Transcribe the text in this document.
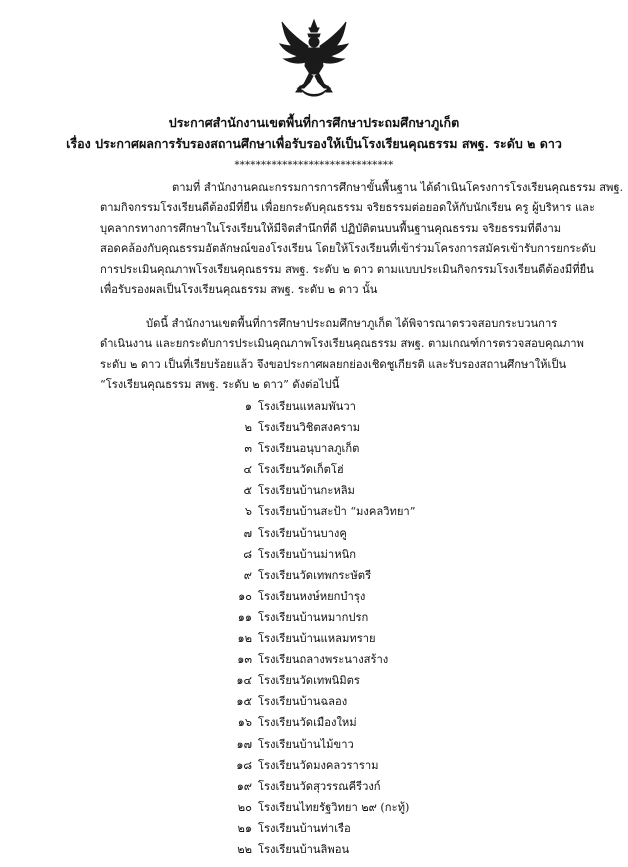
ประกาศสำนักงานเขตพื้นที่การศึกษาประถมศึกษาภูเก็ต
เรื่อง ประกาศผลการรับรองสถานศึกษาเพื่อรับรองให้เป็นโรงเรียนคุณธรรม สพฐ. ระดับ ๒ ดาว
******************************
ตามที่ สำนักงานคณะกรรมการการศึกษาขั้นพื้นฐาน ได้ดำเนินโครงการโรงเรียนคุณธรรม สพฐ.
ตามกิจกรรมโรงเรียนดีต้องมีที่ยืน เพื่อยกระดับคุณธรรม จริยธรรมต่อยอดให้กับนักเรียน ครู ผู้บริหาร และ
บุคลากรทางการศึกษาในโรงเรียนให้มีจิตสำนึกที่ดี ปฏิบัติตนบนพื้นฐานคุณธรรม จริยธรรมที่ดีงาม
สอดคล้องกับคุณธรรมอัตลักษณ์ของโรงเรียน โดยให้โรงเรียนที่เข้าร่วมโครงการสมัครเข้ารับการยกระดับ
การประเมินคุณภาพโรงเรียนคุณธรรม สพฐ. ระดับ ๒ ดาว ตามแบบประเมินกิจกรรมโรงเรียนดีต้องมีที่ยืน
เพื่อรับรองผลเป็นโรงเรียนคุณธรรม สพฐ. ระดับ ๒ ดาว นั้น
บัดนี้ สำนักงานเขตพื้นที่การศึกษาประถมศึกษาภูเก็ต ได้พิจารณาตรวจสอบกระบวนการ
ดำเนินงาน และยกระดับการประเมินคุณภาพโรงเรียนคุณธรรม สพฐ. ตามเกณฑ์การตรวจสอบคุณภาพ
ระดับ ๒ ดาว เป็นที่เรียบร้อยแล้ว จึงขอประกาศผลยกย่องเชิดชูเกียรติ และรับรองสถานศึกษาให้เป็น
“โรงเรียนคุณธรรม สพฐ. ระดับ ๒ ดาว” ดังต่อไปนี้
๑ โรงเรียนแหลมพันวา
๒ โรงเรียนวิชิตสงคราม
๓ โรงเรียนอนุบาลภูเก็ต
๔ โรงเรียนวัดเก็ตโฮ่
๕ โรงเรียนบ้านกะหลิม
๖ โรงเรียนบ้านสะป้า “มงคลวิทยา”
๗ โรงเรียนบ้านบางคู
๘ โรงเรียนบ้านม่าหนิก
๙ โรงเรียนวัดเทพกระษัตรี
๑๐ โรงเรียนหงษ์หยกบำรุง
๑๑ โรงเรียนบ้านหมากปรก
๑๒ โรงเรียนบ้านแหลมทราย
๑๓ โรงเรียนถลางพระนางสร้าง
๑๔ โรงเรียนวัดเทพนิมิตร
๑๕ โรงเรียนบ้านฉลอง
๑๖ โรงเรียนวัดเมืองใหม่
๑๗ โรงเรียนบ้านไม้ขาว
๑๘ โรงเรียนวัดมงคลวราราม
๑๙ โรงเรียนวัดสุวรรณคีรีวงก์
๒๐ โรงเรียนไทยรัฐวิทยา ๒๙ (กะทู้)
๒๑ โรงเรียนบ้านท่าเรือ
๒๒ โรงเรียนบ้านลิพอน
